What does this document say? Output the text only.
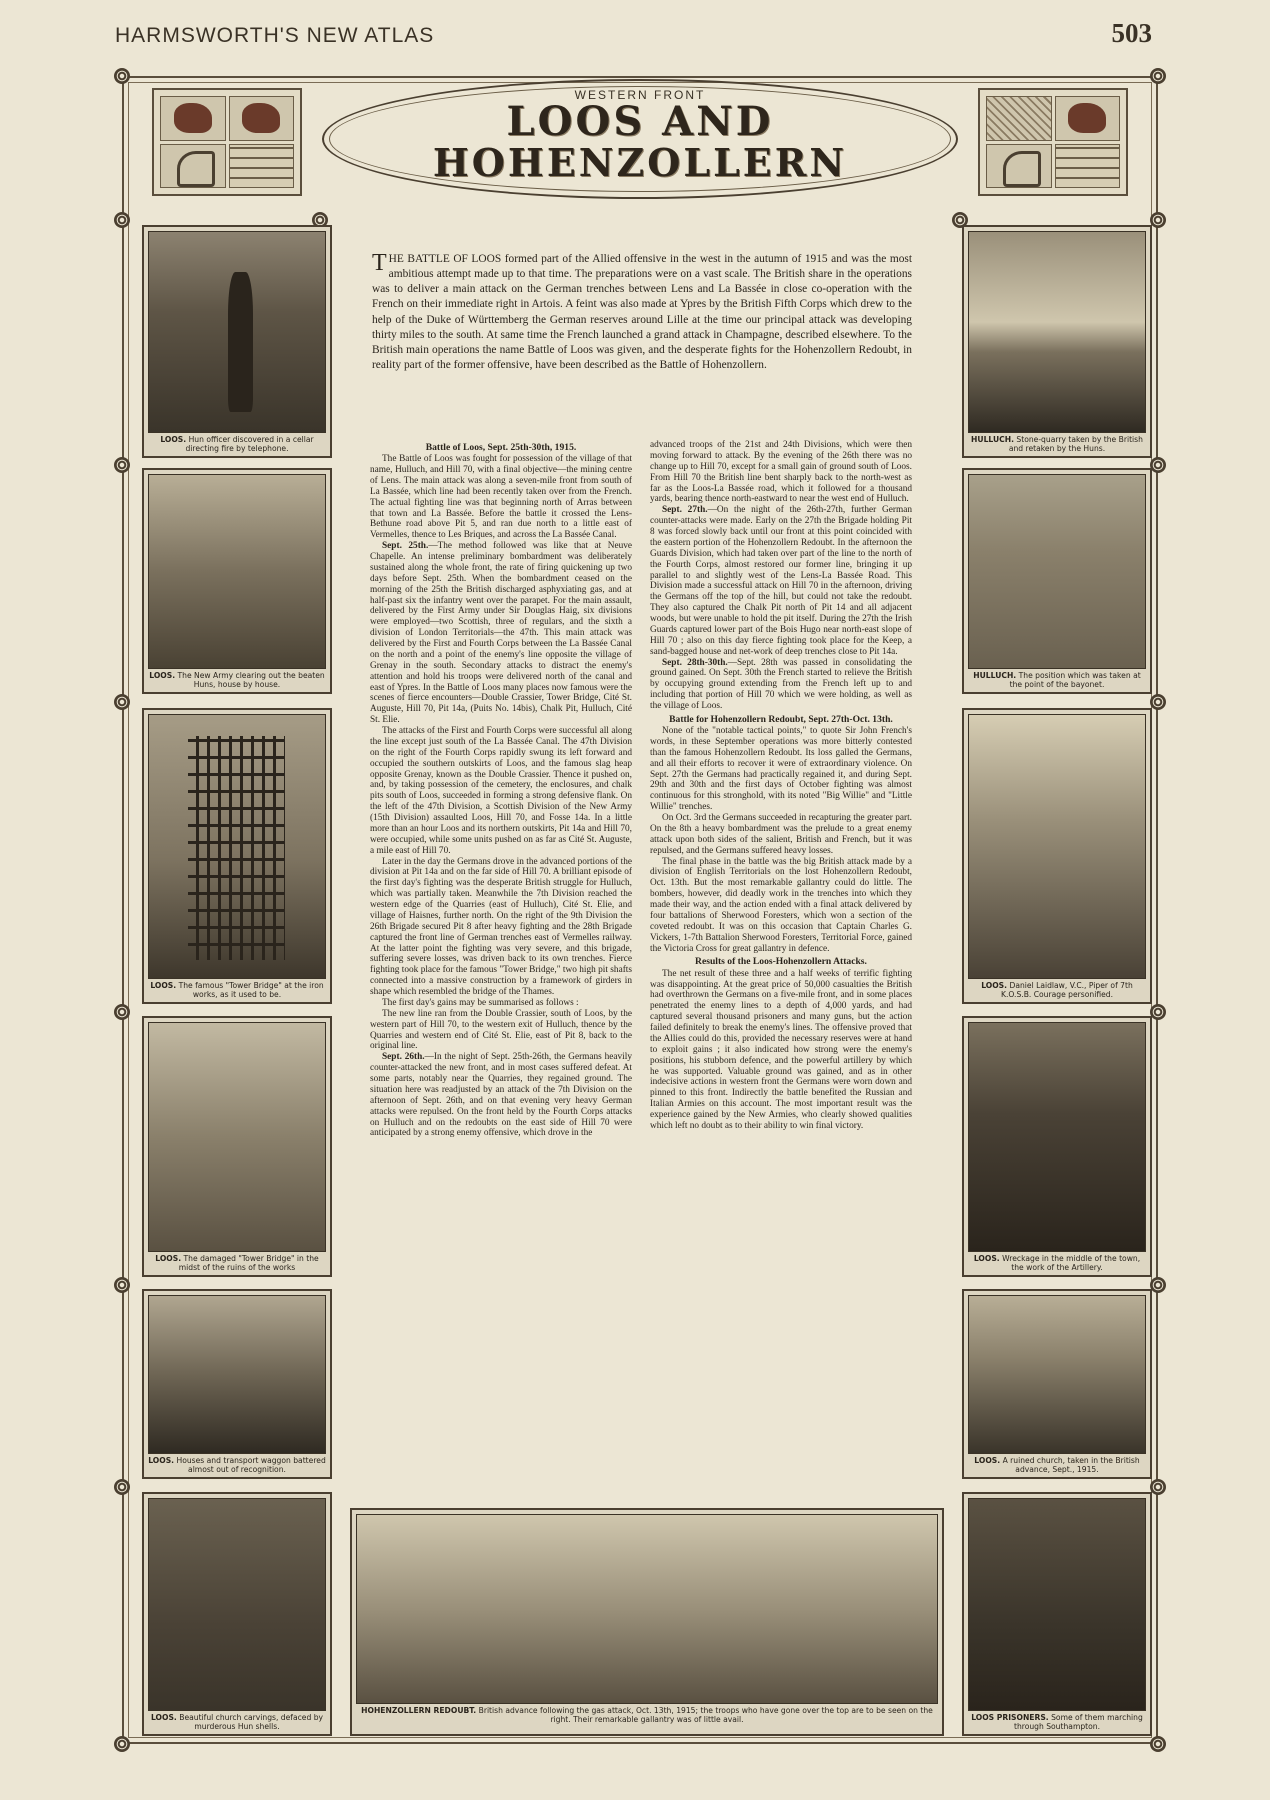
HARMSWORTH'S NEW ATLAS	503
WESTERN FRONT
LOOS AND
HOHENZOLLERN
LOOS. Hun officer discovered in a cellar directing fire by telephone.
LOOS. The New Army clearing out the beaten Huns, house by house.
LOOS. The famous "Tower Bridge" at the iron works, as it used to be.
LOOS. The damaged "Tower Bridge" in the midst of the ruins of the works
LOOS. Houses and transport waggon battered almost out of recognition.
LOOS. Beautiful church carvings, defaced by murderous Hun shells.
HULLUCH. Stone-quarry taken by the British and retaken by the Huns.
HULLUCH. The position which was taken at the point of the bayonet.
LOOS. Daniel Laidlaw, V.C., Piper of 7th K.O.S.B. Courage personified.
LOOS. Wreckage in the middle of the town, the work of the Artillery.
LOOS. A ruined church, taken in the British advance, Sept., 1915.
LOOS PRISONERS. Some of them marching through Southampton.
HOHENZOLLERN REDOUBT. British advance following the gas attack, Oct. 13th, 1915; the troops who have gone over the top are to be seen on the right. Their remarkable gallantry was of little avail.
THE BATTLE OF LOOS formed part of the Allied offensive in the west in the autumn of 1915 and was the most ambitious attempt made up to that time. The preparations were on a vast scale. The British share in the operations was to deliver a main attack on the German trenches between Lens and La Bassée in close co-operation with the French on their immediate right in Artois. A feint was also made at Ypres by the British Fifth Corps which drew to the help of the Duke of Württemberg the German reserves around Lille at the time our principal attack was developing thirty miles to the south. At same time the French launched a grand attack in Champagne, described elsewhere. To the British main operations the name Battle of Loos was given, and the desperate fights for the Hohenzollern Redoubt, in reality part of the former offensive, have been described as the Battle of Hohenzollern.
Battle of Loos, Sept. 25th-30th, 1915.

The Battle of Loos was fought for possession of the village of that name, Hulluch, and Hill 70, with a final objective—the mining centre of Lens. The main attack was along a seven-mile front from south of La Bassée, which line had been recently taken over from the French. The actual fighting line was that beginning north of Arras between that town and La Bassée. Before the battle it crossed the Lens-Bethune road above Pit 5, and ran due north to a little east of Vermelles, thence to Les Briques, and across the La Bassée Canal.

Sept. 25th.—The method followed was like that at Neuve Chapelle. An intense preliminary bombardment was deliberately sustained along the whole front, the rate of firing quickening up two days before Sept. 25th. When the bombardment ceased on the morning of the 25th the British discharged asphyxiating gas, and at half-past six the infantry went over the parapet. For the main assault, delivered by the First Army under Sir Douglas Haig, six divisions were employed—two Scottish, three of regulars, and the sixth a division of London Territorials—the 47th. This main attack was delivered by the First and Fourth Corps between the La Bassée Canal on the north and a point of the enemy's line opposite the village of Grenay in the south. Secondary attacks to distract the enemy's attention and hold his troops were delivered north of the canal and east of Ypres. In the Battle of Loos many places now famous were the scenes of fierce encounters—Double Crassier, Tower Bridge, Cité St. Auguste, Hill 70, Pit 14a, (Puits No. 14bis), Chalk Pit, Hulluch, Cité St. Elie.

The attacks of the First and Fourth Corps were successful all along the line except just south of the La Bassée Canal. The 47th Division on the right of the Fourth Corps rapidly swung its left forward and occupied the southern outskirts of Loos, and the famous slag heap opposite Grenay, known as the Double Crassier. Thence it pushed on, and, by taking possession of the cemetery, the enclosures, and chalk pits south of Loos, succeeded in forming a strong defensive flank. On the left of the 47th Division, a Scottish Division of the New Army (15th Division) assaulted Loos, Hill 70, and Fosse 14a. In a little more than an hour Loos and its northern outskirts, Pit 14a and Hill 70, were occupied, while some units pushed on as far as Cité St. Auguste, a mile east of Hill 70.

Later in the day the Germans drove in the advanced portions of the division at Pit 14a and on the far side of Hill 70. A brilliant episode of the first day's fighting was the desperate British struggle for Hulluch, which was partially taken. Meanwhile the 7th Division reached the western edge of the Quarries (east of Hulluch), Cité St. Elie, and village of Haisnes, further north. On the right of the 9th Division the 26th Brigade secured Pit 8 after heavy fighting and the 28th Brigade captured the front line of German trenches east of Vermelles railway. At the latter point the fighting was very severe, and this brigade, suffering severe losses, was driven back to its own trenches. Fierce fighting took place for the famous "Tower Bridge," two high pit shafts connected into a massive construction by a framework of girders in shape which resembled the bridge of the Thames.

The first day's gains may be summarised as follows :

The new line ran from the Double Crassier, south of Loos, by the western part of Hill 70, to the western exit of Hulluch, thence by the Quarries and western end of Cité St. Elie, east of Pit 8, back to the original line.

Sept. 26th.—In the night of Sept. 25th-26th, the Germans heavily counter-attacked the new front, and in most cases suffered defeat. At some parts, notably near the Quarries, they regained ground. The situation here was readjusted by an attack of the 7th Division on the afternoon of Sept. 26th, and on that evening very heavy German attacks were repulsed. On the front held by the Fourth Corps attacks on Hulluch and on the redoubts on the east side of Hill 70 were anticipated by a strong enemy offensive, which drove in the

advanced troops of the 21st and 24th Divisions, which were then moving forward to attack. By the evening of the 26th there was no change up to Hill 70, except for a small gain of ground south of Loos. From Hill 70 the British line bent sharply back to the north-west as far as the Loos-La Bassée road, which it followed for a thousand yards, bearing thence north-eastward to near the west end of Hulluch.

Sept. 27th.—On the night of the 26th-27th, further German counter-attacks were made. Early on the 27th the Brigade holding Pit 8 was forced slowly back until our front at this point coincided with the eastern portion of the Hohenzollern Redoubt. In the afternoon the Guards Division, which had taken over part of the line to the north of the Fourth Corps, almost restored our former line, bringing it up parallel to and slightly west of the Lens-La Bassée Road. This Division made a successful attack on Hill 70 in the afternoon, driving the Germans off the top of the hill, but could not take the redoubt. They also captured the Chalk Pit north of Pit 14 and all adjacent woods, but were unable to hold the pit itself. During the 27th the Irish Guards captured lower part of the Bois Hugo near north-east slope of Hill 70 ; also on this day fierce fighting took place for the Keep, a sand-bagged house and net-work of deep trenches close to Pit 14a.

Sept. 28th-30th.—Sept. 28th was passed in consolidating the ground gained. On Sept. 30th the French started to relieve the British by occupying ground extending from the French left up to and including that portion of Hill 70 which we were holding, as well as the village of Loos.

Battle for Hohenzollern Redoubt, Sept. 27th-Oct. 13th.

None of the "notable tactical points," to quote Sir John French's words, in these September operations was more bitterly contested than the famous Hohenzollern Redoubt. Its loss galled the Germans, and all their efforts to recover it were of extraordinary violence. On Sept. 27th the Germans had practically regained it, and during Sept. 29th and 30th and the first days of October fighting was almost continuous for this stronghold, with its noted "Big Willie" and "Little Willie" trenches.

On Oct. 3rd the Germans succeeded in recapturing the greater part. On the 8th a heavy bombardment was the prelude to a great enemy attack upon both sides of the salient, British and French, but it was repulsed, and the Germans suffered heavy losses.

The final phase in the battle was the big British attack made by a division of English Territorials on the lost Hohenzollern Redoubt, Oct. 13th. But the most remarkable gallantry could do little. The bombers, however, did deadly work in the trenches into which they made their way, and the action ended with a final attack delivered by four battalions of Sherwood Foresters, which won a section of the coveted redoubt. It was on this occasion that Captain Charles G. Vickers, 1-7th Battalion Sherwood Foresters, Territorial Force, gained the Victoria Cross for great gallantry in defence.

Results of the Loos-Hohenzollern Attacks.

The net result of these three and a half weeks of terrific fighting was disappointing. At the great price of 50,000 casualties the British had overthrown the Germans on a five-mile front, and in some places penetrated the enemy lines to a depth of 4,000 yards, and had captured several thousand prisoners and many guns, but the action failed definitely to break the enemy's lines. The offensive proved that the Allies could do this, provided the necessary reserves were at hand to exploit gains ; it also indicated how strong were the enemy's positions, his stubborn defence, and the powerful artillery by which he was supported. Valuable ground was gained, and as in other indecisive actions in western front the Germans were worn down and pinned to this front. Indirectly the battle benefited the Russian and Italian Armies on this account. The most important result was the experience gained by the New Armies, who clearly showed qualities which left no doubt as to their ability to win final victory.
